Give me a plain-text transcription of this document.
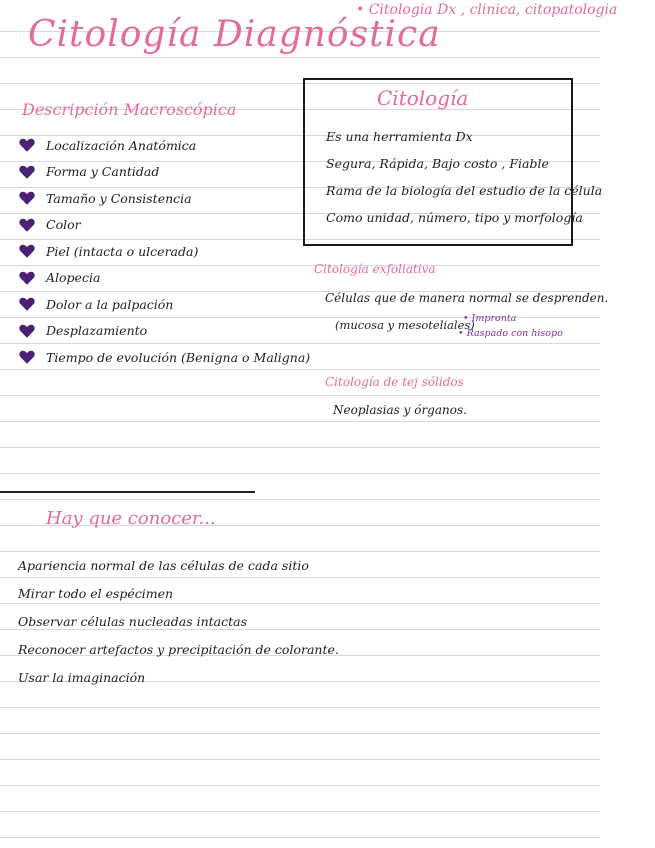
• Citologia Dx , clinica, citopatologia
Citología Diagnóstica
Descripción Macroscópica
Localización Anatómica
Forma y Cantidad
Tamaño y Consistencia
Color
Piel (intacta o ulcerada)
Alopecia
Dolor a la palpación
Desplazamiento
Tiempo de evolución (Benigna o Maligna)
Citología
Es una herramienta Dx
Segura, Rápida, Bajo costo , Fiable
Rama de la biología del estudio de la célula
Como unidad, número, tipo y morfología
Citología exfoliativa
Células que de manera normal se desprenden.
(mucosa y mesoteliales)
• Impronta
• Raspado con hisopo
Citología de tej sólidos
Neoplasias y órganos.
Hay que conocer...
Apariencia normal de las células de cada sitio
Mirar todo el espécimen
Observar células nucleadas intactas
Reconocer artefactos y precipitación de colorante.
Usar la imaginación
